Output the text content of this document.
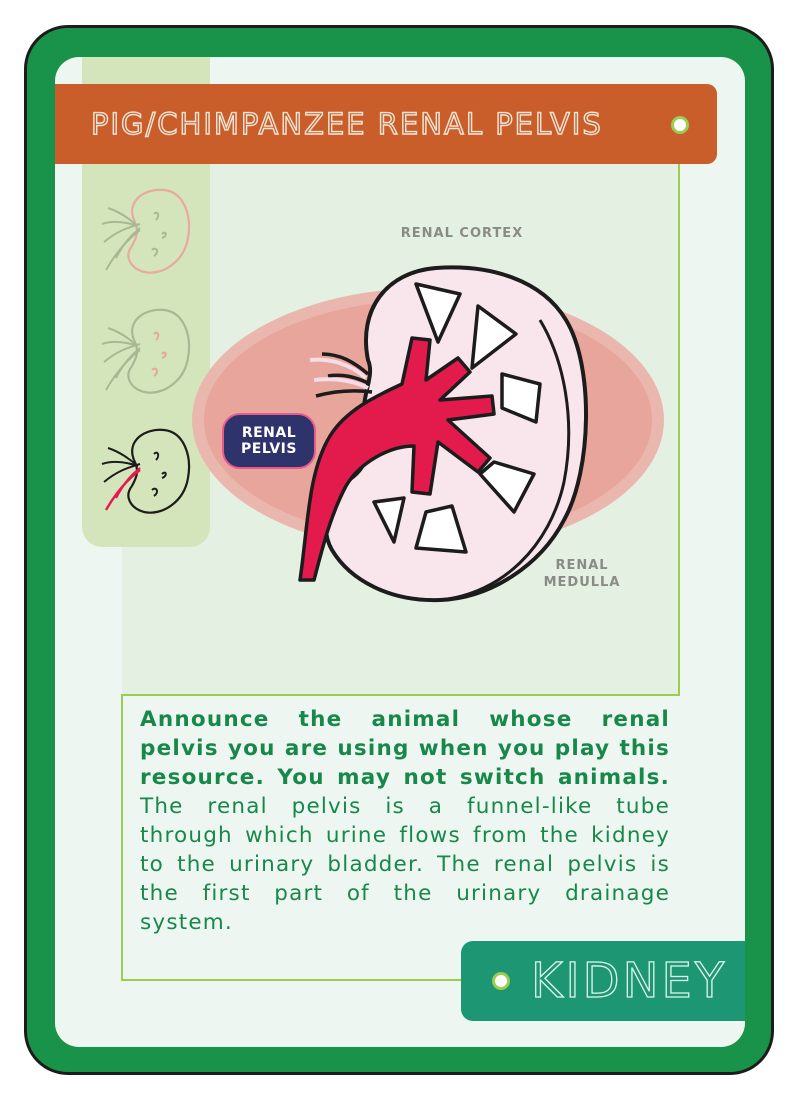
PIG/CHIMPANZEE RENAL PELVIS
RENAL CORTEX
RENAL
MEDULLA
RENAL
PELVIS

Announce the animal whose renal pelvis you are using when you play this resource. You may not switch animals. The renal pelvis is a funnel-like tube through which urine flows from the kidney to the urinary bladder. The renal pelvis is the first part of the urinary drainage system.

KIDNEY
